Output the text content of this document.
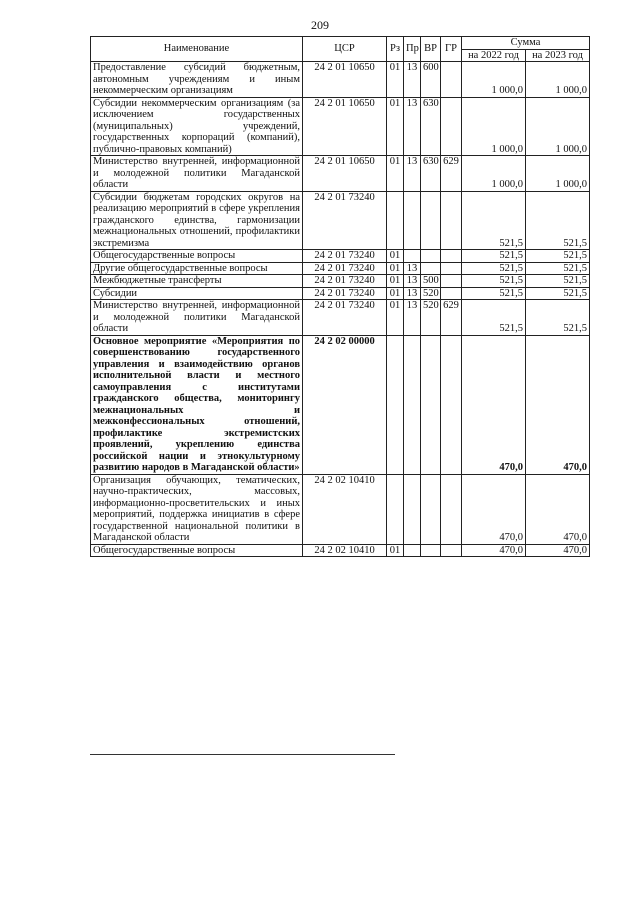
209
Наименование	ЦСР	Рз	Пр	ВР	ГР	Сумма	
						на 2022 год	на 2023 год
Предоставление субсидий бюджетным, автономным учреждениям и иным некоммерческим организациям	24 2 01 10650	01	13	600		1 000,0	1 000,0
Субсидии некоммерческим организациям (за исключением государственных (муниципальных) учреждений, государственных корпораций (компаний), публично-правовых компаний)	24 2 01 10650	01	13	630		1 000,0	1 000,0
Министерство внутренней, информационной и молодежной политики Магаданской области	24 2 01 10650	01	13	630	629	1 000,0	1 000,0
Субсидии бюджетам городских округов на реализацию мероприятий в сфере укрепления гражданского единства, гармонизации межнациональных отношений, профилактики экстремизма	24 2 01 73240					521,5	521,5
Общегосударственные вопросы	24 2 01 73240	01				521,5	521,5
Другие общегосударственные вопросы	24 2 01 73240	01	13			521,5	521,5
Межбюджетные трансферты	24 2 01 73240	01	13	500		521,5	521,5
Субсидии	24 2 01 73240	01	13	520		521,5	521,5
Министерство внутренней, информационной и молодежной политики Магаданской области	24 2 01 73240	01	13	520	629	521,5	521,5
Основное мероприятие «Мероприятия по совершенствованию государственного управления и взаимодействию органов исполнительной власти и местного самоуправления с институтами гражданского общества, мониторингу межнациональных и межконфессиональных отношений, профилактике экстремистских проявлений, укреплению единства российской нации и этнокультурному развитию народов в Магаданской области»	24 2 02 00000					470,0	470,0
Организация обучающих, тематических, научно-практических, массовых, информационно-просветительских и иных мероприятий, поддержка инициатив в сфере государственной национальной политики в Магаданской области	24 2 02 10410					470,0	470,0
Общегосударственные вопросы	24 2 02 10410	01				470,0	470,0
